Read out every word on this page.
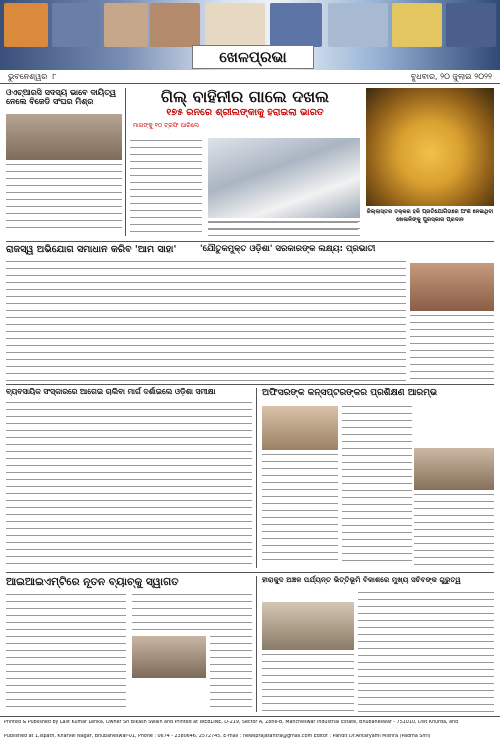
ଖେଳପ୍ରଭା
ଭୁବନେଶ୍ୱର ୮	ବୁଧବାର, ୨୦ ଜୁଲାଇ ୨୦୨୨
ଓଏଚ୍ଆରସି ସଦସ୍ୟ ଭାବେ ଦାୟିତ୍ୱ ନେଲେ ବିଜେଡି ସଂଘର ମିଶ୍ର	ଗିଲ୍ ବାହିନୀର ଗାଲେ ଦଖଲ
୧୭୫ ରନରେ ଶ୍ରୀଲଙ୍କାକୁ ହରାଇଲା ଭାରତ
ମାଗଙ୍କୁ ୧୦ ଟ୍ରଫି ପାରିଲେ
ଜିଲ୍ଲାସ୍ତର ତକ୍କର ହକି ପ୍ରତିଯୋଗିତାରେ ଅଂଶ ନେଇଥିବା ଖେଳାଳିଙ୍କୁ ପୁରସ୍କାର ପ୍ରଦାନ
ରାଜସ୍ୱ ଅଭିଯୋଗ ସମାଧାନ କରିବ 'ଆମ ସାହା'	'ଯୌତୁକମୁକ୍ତ ଓଡ଼ିଶା' ସରକାରଙ୍କ ଲକ୍ଷ୍ୟ: ପ୍ରଭାତୀ
ବ୍ୟବସାୟିକ ସଂସ୍କାରରେ ଆଗେଇ ଚାଲିବା ମାର୍ଗ ଦର୍ଶାଇଲେ ଓଡ଼ିଶା ସମୀକ୍ଷା	ଅଫିସରଙ୍କ କନ୍ସପ୍ଟରଙ୍କର ପ୍ରଶିକ୍ଷଣ ଆରମ୍ଭ
ଆଇଆଇଏମ୍‌ଟିରେ ନୂତନ ବ୍ୟାଚ୍‌କୁ ସ୍ୱାଗତ	ହୀରାକୁଦ ଅଞ୍ଚଳ ପର୍ଯ୍ୟନ୍ତ ଭିତ୍ତିଭୂମି ବିକାଶରେ ମୁଖ୍ୟ ସଚିବଙ୍କ ଗୁରୁତ୍ୱ
Printed & Published by Lalit Kumar Lenka, Owner Sri Bikash Swain and Printed at WEBLINE, D-219, Sector A, Zone-B, Mancheswar Industrial Estate, Bhubaneswar - 751010, Dist Khurda, and
Published at 1,Ispath, Kharvel Nagar, Bhubaneswar-01, Phone : 0674 - 2380646, 2572745, E-mail : newsprajatantra@gmail.com Editor : Pandit Dr.Antaryami Mishra (Padma Shri)
